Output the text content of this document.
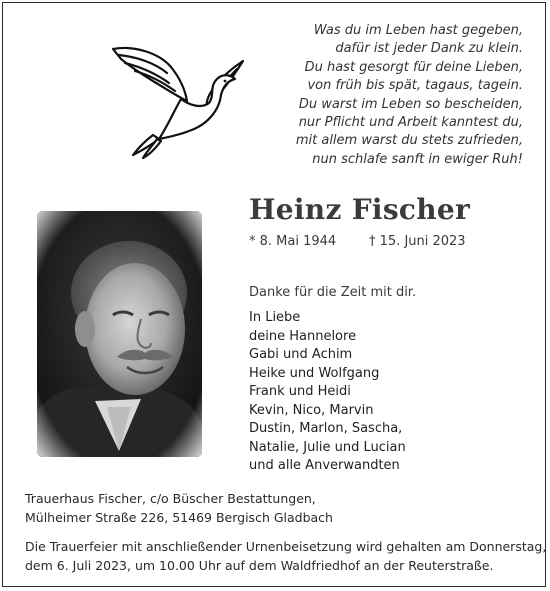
Was du im Leben hast gegeben,
dafür ist jeder Dank zu klein.
Du hast gesorgt für deine Lieben,
von früh bis spät, tagaus, tagein.
Du warst im Leben so bescheiden,
nur Pflicht und Arbeit kanntest du,
mit allem warst du stets zufrieden,
nun schlafe sanft in ewiger Ruh!
Heinz Fischer
* 8. Mai 1944	† 15. Juni 2023
Danke für die Zeit mit dir.
In Liebe
deine Hannelore
Gabi und Achim
Heike und Wolfgang
Frank und Heidi
Kevin, Nico, Marvin
Dustin, Marlon, Sascha,
Natalie, Julie und Lucian
und alle Anverwandten
Trauerhaus Fischer, c/o Büscher Bestattungen,
Mülheimer Straße 226, 51469 Bergisch Gladbach
Die Trauerfeier mit anschließender Urnenbeisetzung wird gehalten am Donnerstag,
dem 6. Juli 2023, um 10.00 Uhr auf dem Waldfriedhof an der Reuterstraße.
